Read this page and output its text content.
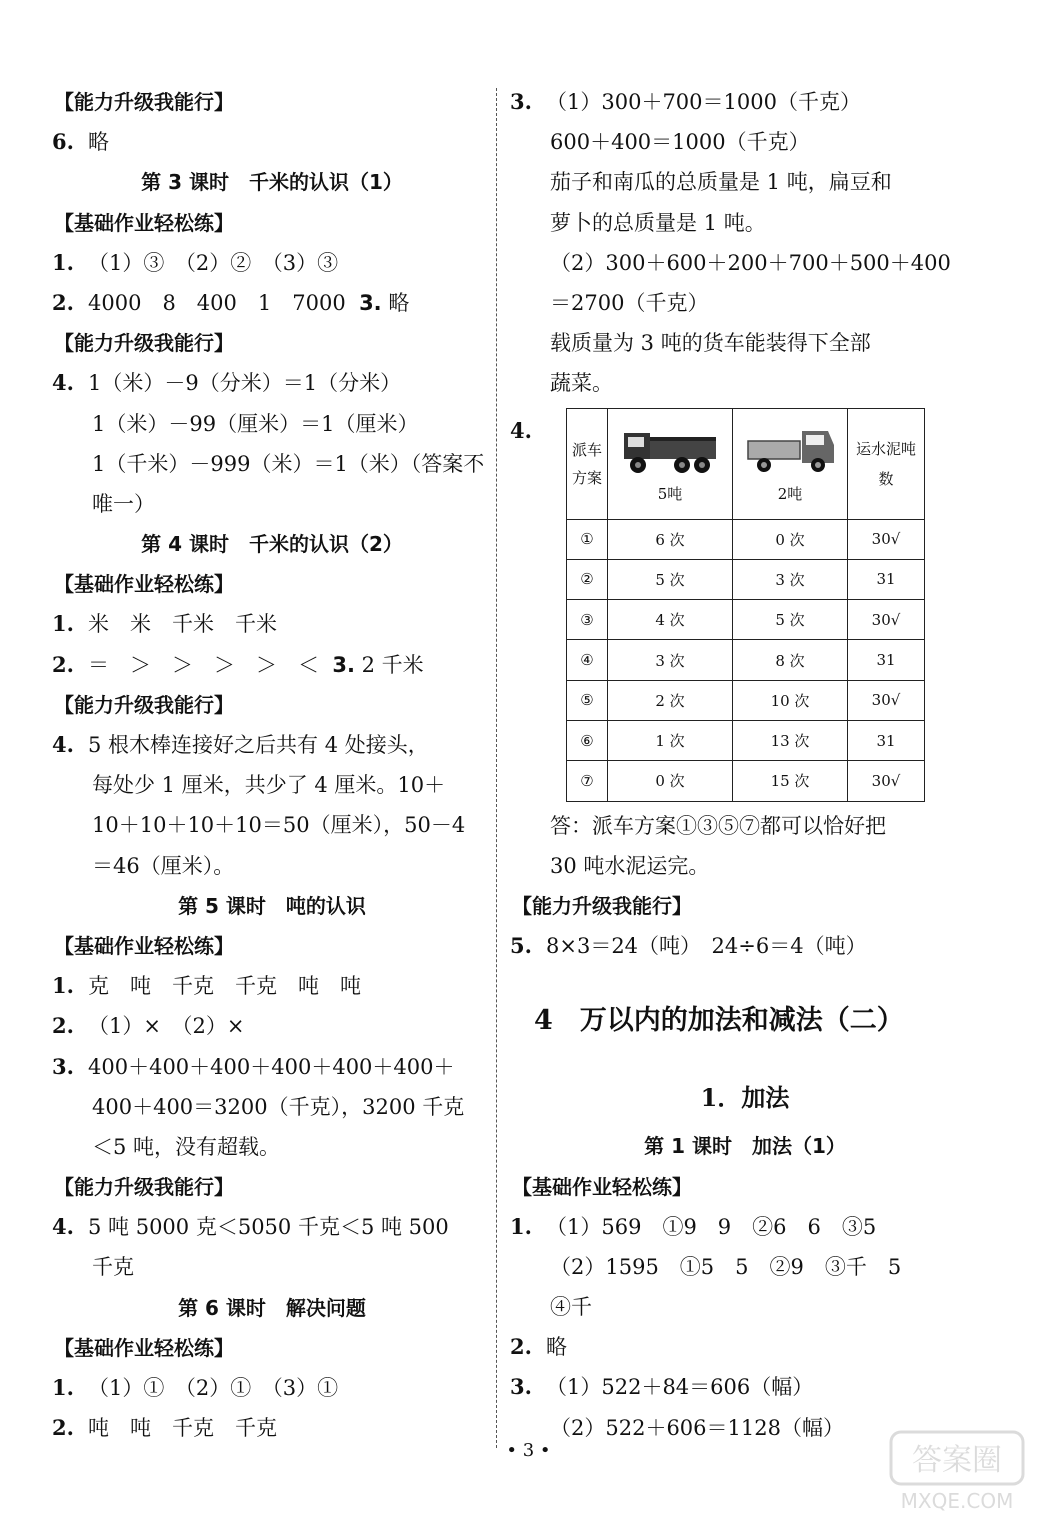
【能力升级我能行】
6. 略
第 3 课时　千米的认识（1）
【基础作业轻松练】
1. （1）③　（2）②　（3）③
2. 4000　8　400　1　7000 3. 略
【能力升级我能行】
4. 1（米）－9（分米）＝1（分米）
1（米）－99（厘米）＝1（厘米）
1（千米）－999（米）＝1（米）（答案不
唯一）
第 4 课时　千米的认识（2）
【基础作业轻松练】
1. 米　米　千米　千米
2. ＝　＞　＞　＞　＞　＜ 3. 2 千米
【能力升级我能行】
4. 5 根木棒连接好之后共有 4 处接头，
每处少 1 厘米，共少了 4 厘米。10＋
10＋10＋10＋10＝50（厘米），50－4
＝46（厘米）。
第 5 课时　吨的认识
【基础作业轻松练】
1. 克　吨　千克　千克　吨　吨
2. （1）×　（2）×
3. 400＋400＋400＋400＋400＋400＋
400＋400＝3200（千克），3200 千克
＜5 吨，没有超载。
【能力升级我能行】
4. 5 吨 5000 克＜5050 千克＜5 吨 500
千克
第 6 课时　解决问题
【基础作业轻松练】
1. （1）①　（2）①　（3）①
2. 吨　吨　千克　千克
3. （1）300＋700＝1000（千克）
600＋400＝1000（千克）
茄子和南瓜的总质量是 1 吨，扁豆和
萝卜的总质量是 1 吨。
（2）300＋600＋200＋700＋500＋400
＝2700（千克）
载质量为 3 吨的货车能装得下全部
蔬菜。
4.
派车方案	5吨	2吨	运水泥吨数

①	6 次	0 次	30√
②	5 次	3 次	31
③	4 次	5 次	30√
④	3 次	8 次	31
⑤	2 次	10 次	30√
⑥	1 次	13 次	31
⑦	0 次	15 次	30√
答：派车方案①③⑤⑦都可以恰好把
30 吨水泥运完。
【能力升级我能行】
5. 8×3＝24（吨）　24÷6＝4（吨）
4　万以内的加法和减法（二）
1．加法
第 1 课时　加法（1）
【基础作业轻松练】
1. （1）569　①9　9　②6　6　③5
（2）1595　①5　5　②9　③千　5
④千
2. 略
3. （1）522＋84＝606（幅）
（2）522＋606＝1128（幅）
• 3 •	答案圈
MXQE.COM
